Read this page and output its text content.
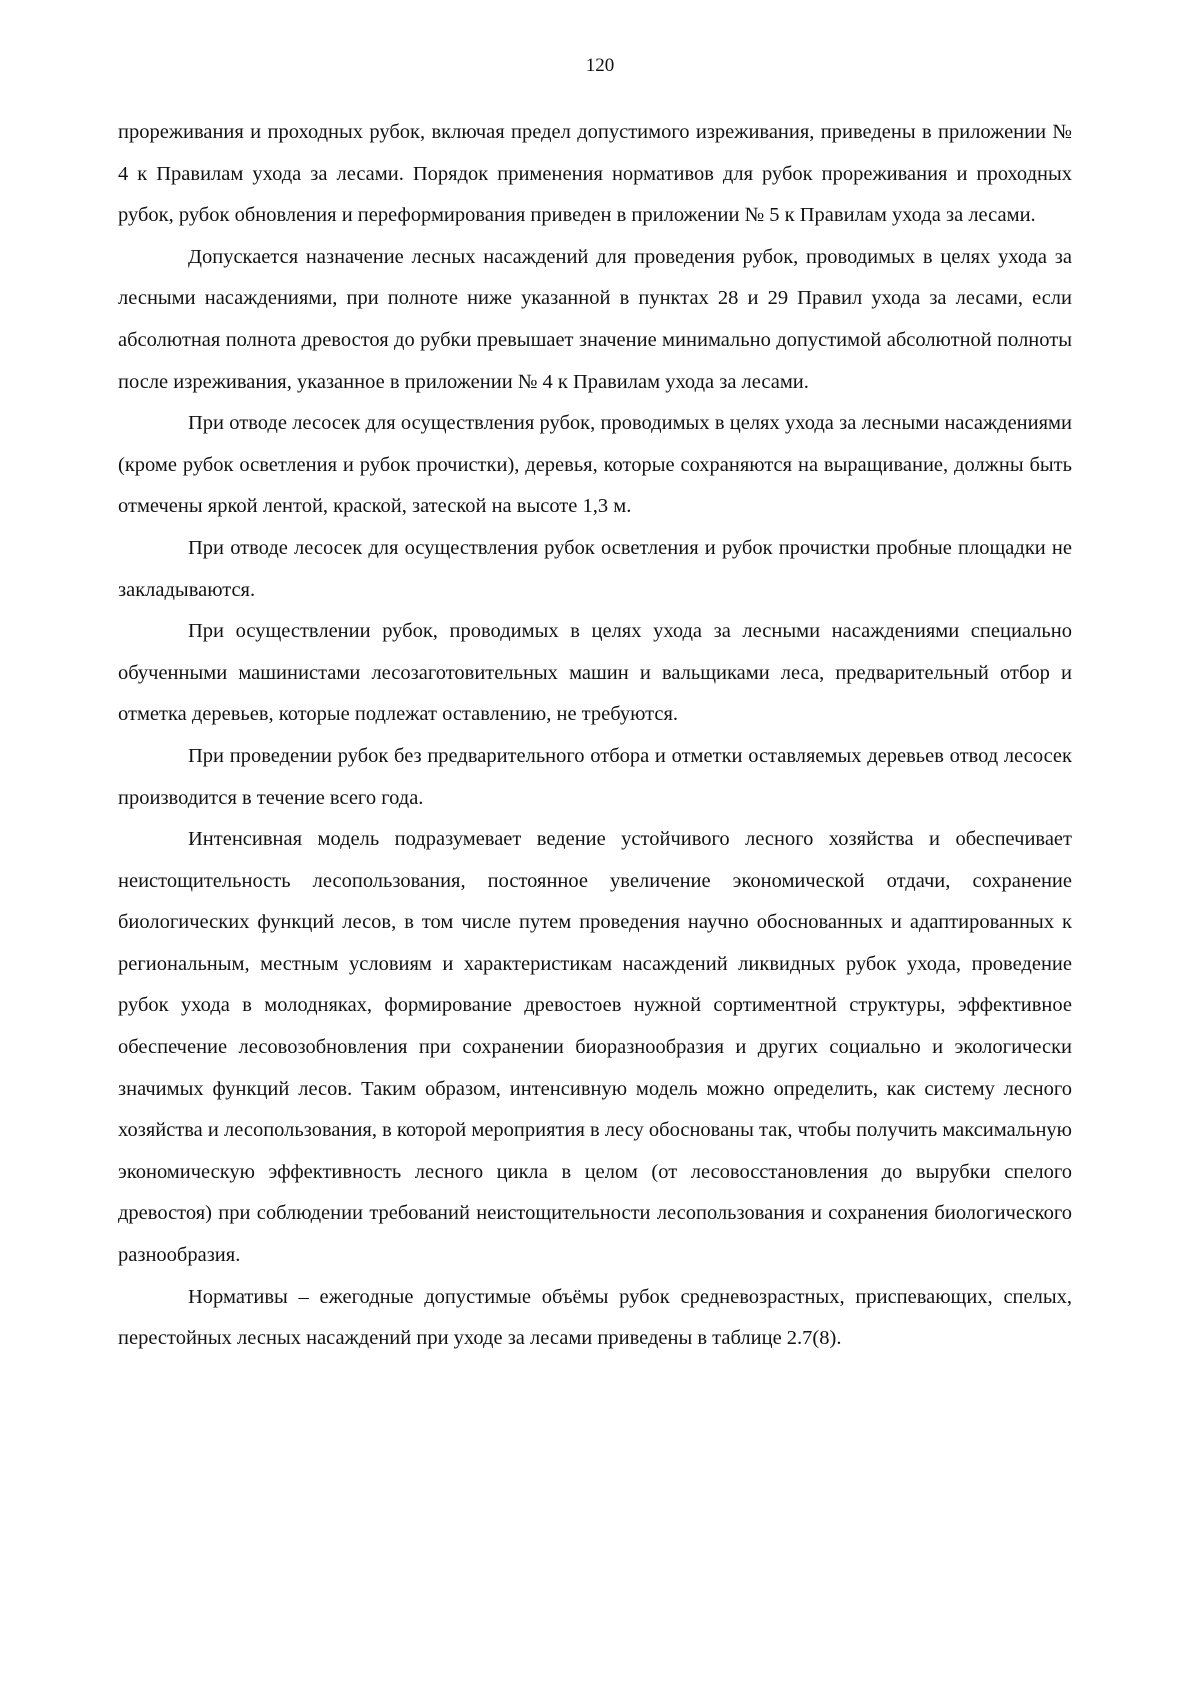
120

прореживания и проходных рубок, включая предел допустимого изреживания, приведены в приложении № 4 к Правилам ухода за лесами. Порядок применения нормативов для рубок прореживания и проходных рубок, рубок обновления и переформирования приведен в приложении № 5 к Правилам ухода за лесами.

Допускается назначение лесных насаждений для проведения рубок, проводимых в целях ухода за лесными насаждениями, при полноте ниже указанной в пунктах 28 и 29 Правил ухода за лесами, если абсолютная полнота древостоя до рубки превышает значение минимально допустимой абсолютной полноты после изреживания, указанное в приложении № 4 к Правилам ухода за лесами.

При отводе лесосек для осуществления рубок, проводимых в целях ухода за лесными насаждениями (кроме рубок осветления и рубок прочистки), деревья, которые сохраняются на выращивание, должны быть отмечены яркой лентой, краской, затеской на высоте 1,3 м.

При отводе лесосек для осуществления рубок осветления и рубок прочистки пробные площадки не закладываются.

При осуществлении рубок, проводимых в целях ухода за лесными насаждениями специально обученными машинистами лесозаготовительных машин и вальщиками леса, предварительный отбор и отметка деревьев, которые подлежат оставлению, не требуются.

При проведении рубок без предварительного отбора и отметки оставляемых деревьев отвод лесосек производится в течение всего года.

Интенсивная модель подразумевает ведение устойчивого лесного хозяйства и обеспечивает неистощительность лесопользования, постоянное увеличение экономической отдачи, сохранение биологических функций лесов, в том числе путем проведения научно обоснованных и адаптированных к региональным, местным условиям и характеристикам насаждений ликвидных рубок ухода, проведение рубок ухода в молодняках, формирование древостоев нужной сортиментной структуры, эффективное обеспечение лесовозобновления при сохранении биоразнообразия и других социально и экологически значимых функций лесов. Таким образом, интенсивную модель можно определить, как систему лесного хозяйства и лесопользования, в которой мероприятия в лесу обоснованы так, чтобы получить максимальную экономическую эффективность лесного цикла в целом (от лесовосстановления до вырубки спелого древостоя) при соблюдении требований неистощительности лесопользования и сохранения биологического разнообразия.

Нормативы – ежегодные допустимые объёмы рубок средневозрастных, приспевающих, спелых, перестойных лесных насаждений при уходе за лесами приведены в таблице 2.7(8).
